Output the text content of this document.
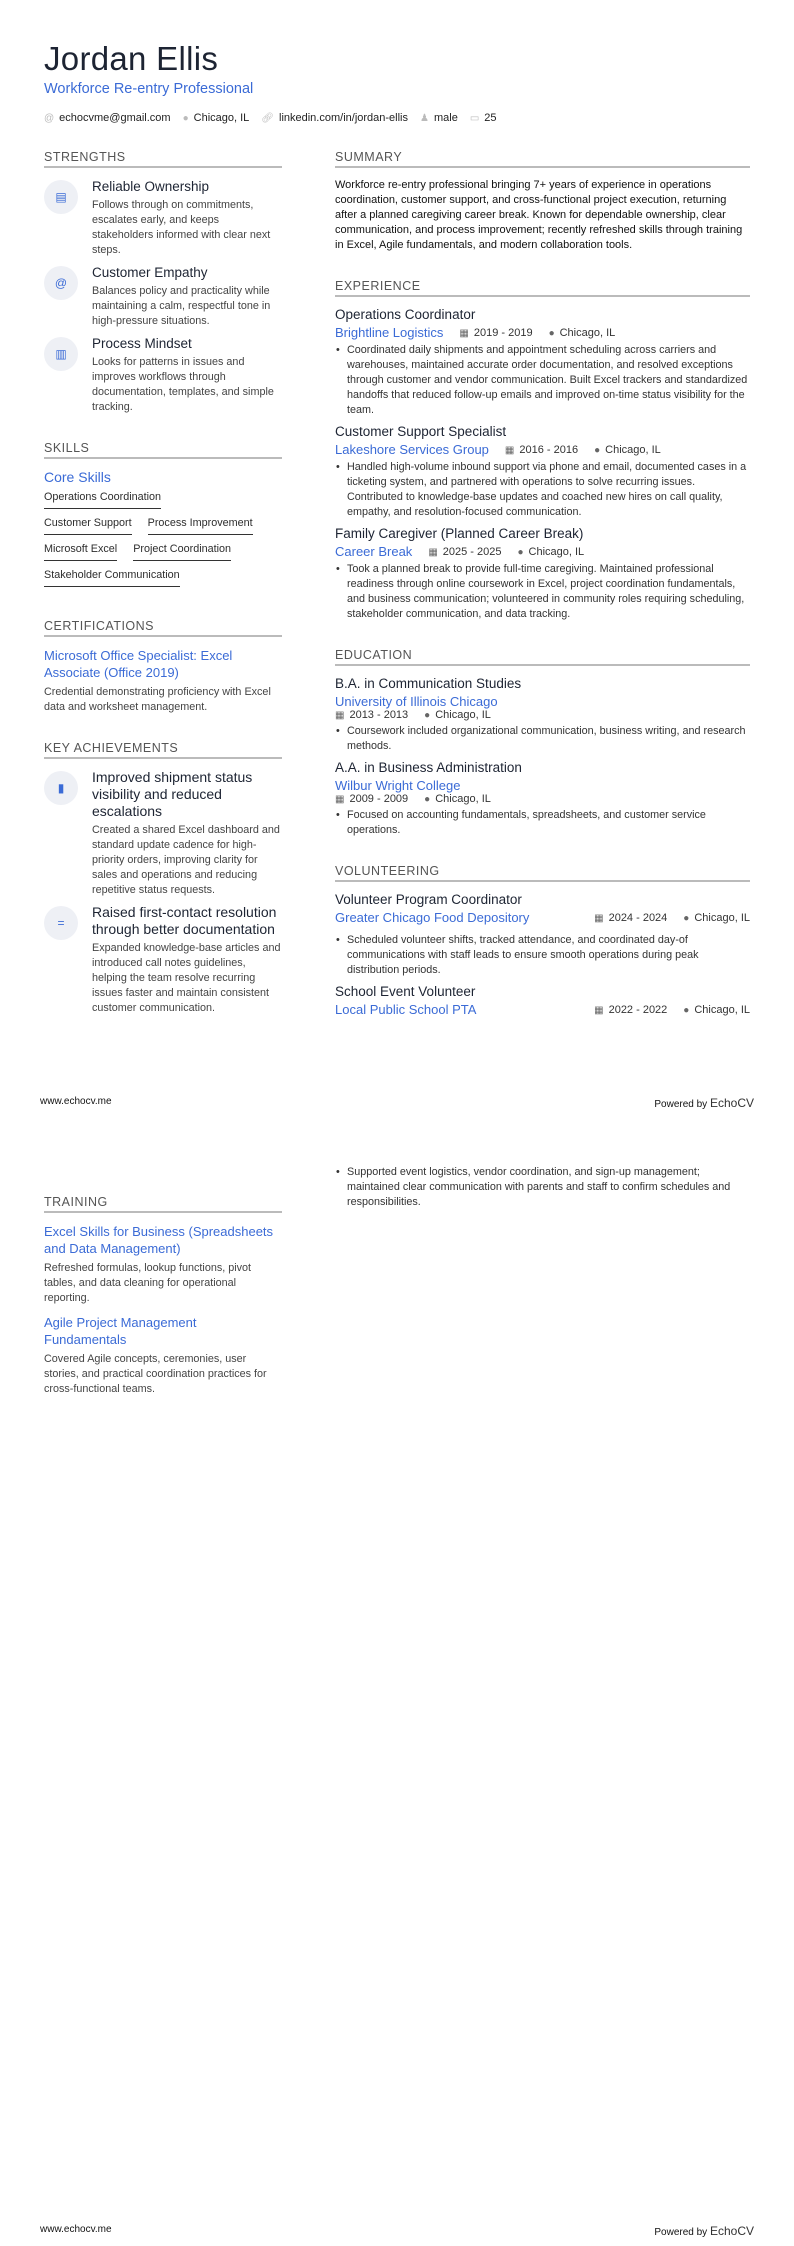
Jordan Ellis
Workforce Re-entry Professional
@ echocvme@gmail.com ● Chicago, IL 🔗︎ linkedin.com/in/jordan-ellis ♟ male ▭ 25
STRENGTHS
▤
Reliable Ownership
Follows through on commitments, escalates early, and keeps stakeholders informed with clear next steps.
@
Customer Empathy
Balances policy and practicality while maintaining a calm, respectful tone in high-pressure situations.
▥
Process Mindset
Looks for patterns in issues and improves workflows through documentation, templates, and simple tracking.
SKILLS
Core Skills
Operations Coordination
Customer Support Process Improvement
Microsoft Excel Project Coordination
Stakeholder Communication
CERTIFICATIONS
Microsoft Office Specialist: Excel Associate (Office 2019)
Credential demonstrating proficiency with Excel data and worksheet management.
KEY ACHIEVEMENTS
▮
Improved shipment status visibility and reduced escalations
Created a shared Excel dashboard and standard update cadence for high-priority orders, improving clarity for sales and operations and reducing repetitive status requests.
=
Raised first-contact resolution through better documentation
Expanded knowledge-base articles and introduced call notes guidelines, helping the team resolve recurring issues faster and maintain consistent customer communication.
SUMMARY
Workforce re-entry professional bringing 7+ years of experience in operations coordination, customer support, and cross-functional project execution, returning after a planned caregiving career break. Known for dependable ownership, clear communication, and process improvement; recently refreshed skills through training in Excel, Agile fundamentals, and modern collaboration tools.
EXPERIENCE
Operations Coordinator
Brightline Logistics ▦ 2019 - 2019 ● Chicago, IL
• Coordinated daily shipments and appointment scheduling across carriers and warehouses, maintained accurate order documentation, and resolved exceptions through customer and vendor communication. Built Excel trackers and standardized handoffs that reduced follow-up emails and improved on-time status visibility for the team.
Customer Support Specialist
Lakeshore Services Group ▦ 2016 - 2016 ● Chicago, IL
• Handled high-volume inbound support via phone and email, documented cases in a ticketing system, and partnered with operations to solve recurring issues. Contributed to knowledge-base updates and coached new hires on call quality, empathy, and resolution-focused communication.
Family Caregiver (Planned Career Break)
Career Break ▦ 2025 - 2025 ● Chicago, IL
• Took a planned break to provide full-time caregiving. Maintained professional readiness through online coursework in Excel, project coordination fundamentals, and business communication; volunteered in community roles requiring scheduling, stakeholder communication, and data tracking.
EDUCATION
B.A. in Communication Studies
University of Illinois Chicago
▦ 2013 - 2013 ● Chicago, IL
• Coursework included organizational communication, business writing, and research methods.
A.A. in Business Administration
Wilbur Wright College
▦ 2009 - 2009 ● Chicago, IL
• Focused on accounting fundamentals, spreadsheets, and customer service operations.
VOLUNTEERING
Volunteer Program Coordinator
Greater Chicago Food Depository	▦ 2024 - 2024 ● Chicago, IL
• Scheduled volunteer shifts, tracked attendance, and coordinated day-of communications with staff leads to ensure smooth operations during peak distribution periods.
School Event Volunteer
Local Public School PTA	▦ 2022 - 2022 ● Chicago, IL
www.echocv.me	Powered by EchoCV
• Supported event logistics, vendor coordination, and sign-up management; maintained clear communication with parents and staff to confirm schedules and responsibilities.
TRAINING
Excel Skills for Business (Spreadsheets and Data Management)
Refreshed formulas, lookup functions, pivot tables, and data cleaning for operational reporting.
Agile Project Management Fundamentals
Covered Agile concepts, ceremonies, user stories, and practical coordination practices for cross-functional teams.
www.echocv.me	Powered by EchoCV
